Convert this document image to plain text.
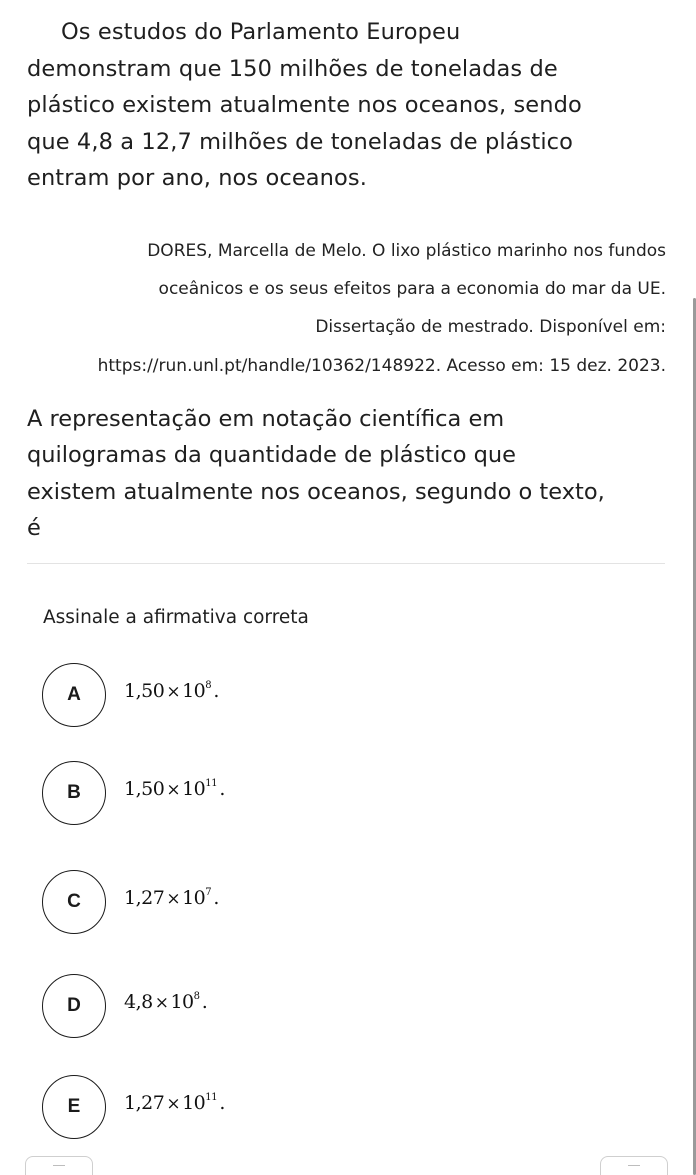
Os estudos do Parlamento Europeu
demonstram que 150 milhões de toneladas de
plástico existem atualmente nos oceanos, sendo
que 4,8 a 12,7 milhões de toneladas de plástico
entram por ano, nos oceanos.

DORES, Marcella de Melo. O lixo plástico marinho nos fundos
oceânicos e os seus efeitos para a economia do mar da UE.
Dissertação de mestrado. Disponível em:
https://run.unl.pt/handle/10362/148922. Acesso em: 15 dez. 2023.

A representação em notação científica em
quilogramas da quantidade de plástico que
existem atualmente nos oceanos, segundo o texto,
é

Assinale a afirmativa correta
A	$1,50 \times 10^8$ .
B	$1,50 \times 10^{11}$ .
C	$1,27 \times 10^7$ .
D	$4,8 \times 10^8$ .
E	$1,27 \times 10^{11}$ .
